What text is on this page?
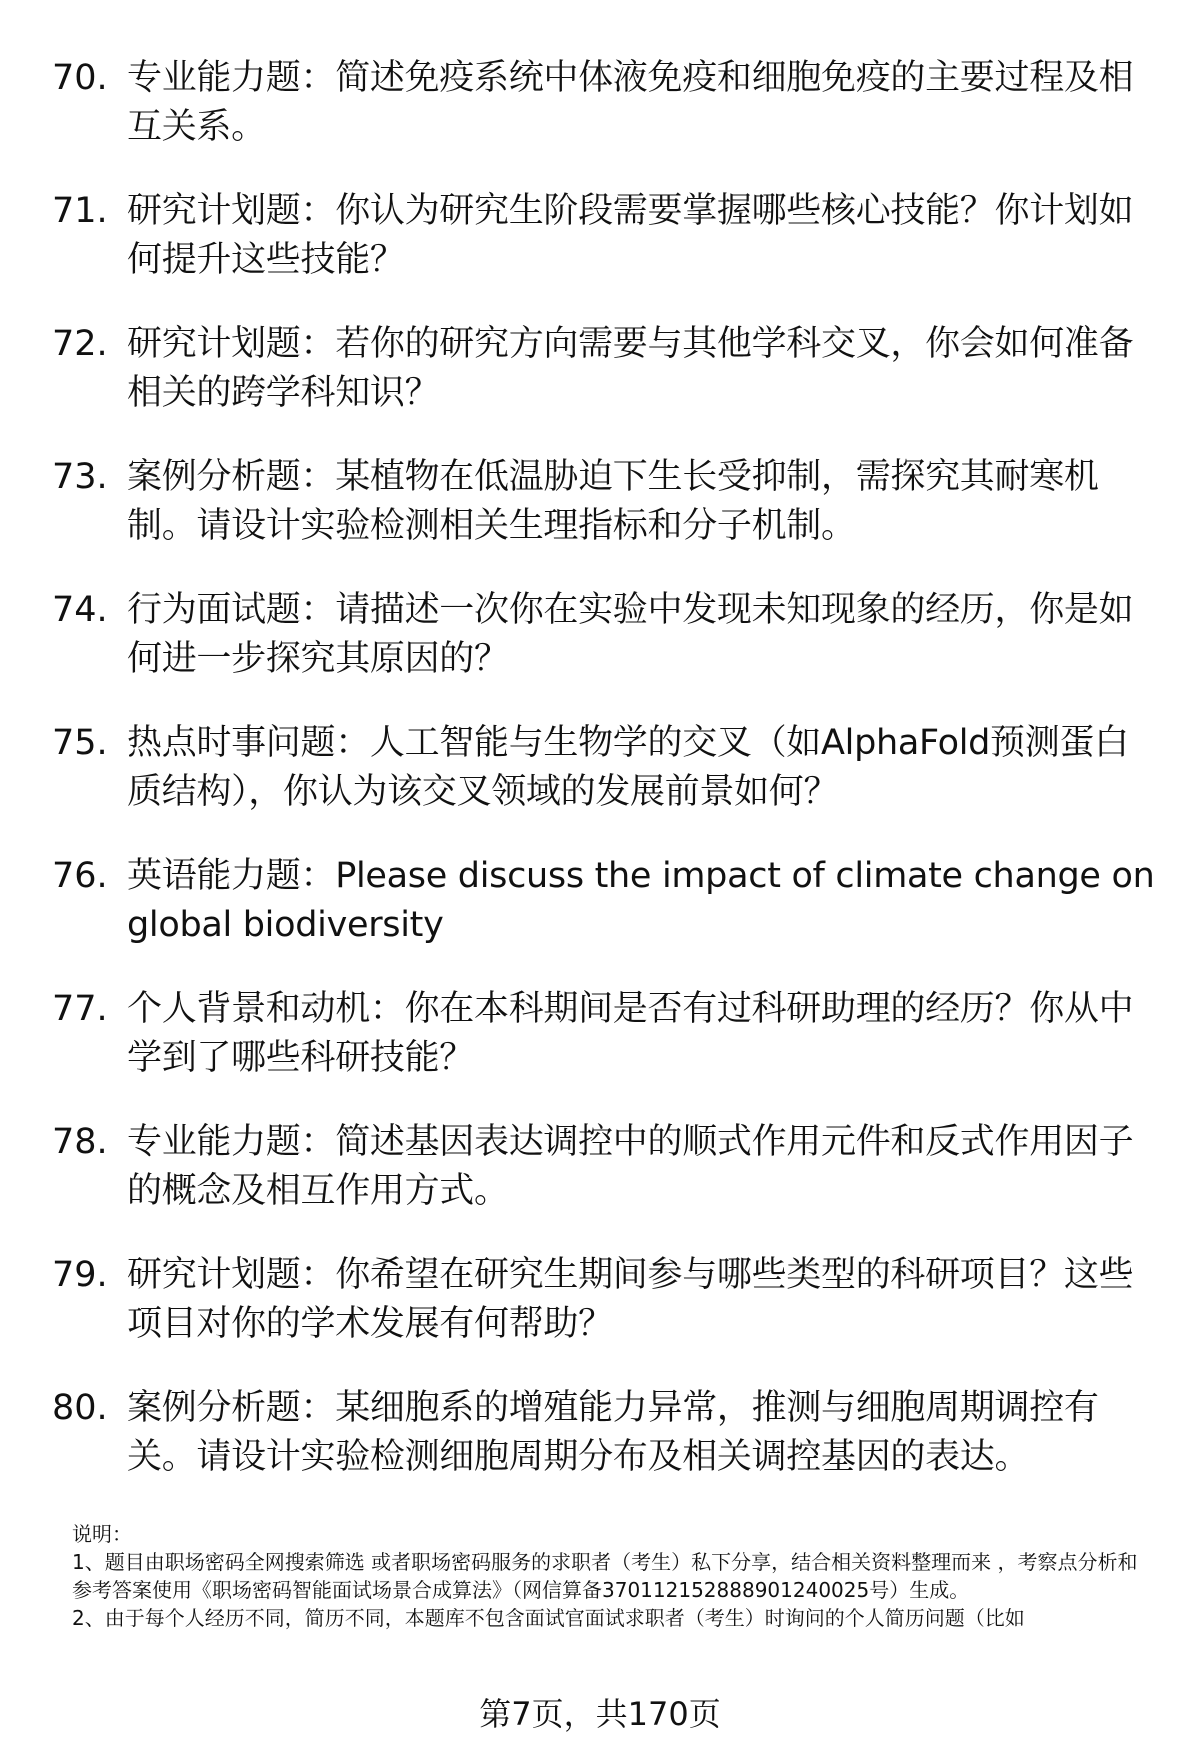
70. 专业能力题：简述免疫系统中体液免疫和细胞免疫的主要过程及相互关系。
71. 研究计划题：你认为研究生阶段需要掌握哪些核心技能？你计划如何提升这些技能？
72. 研究计划题：若你的研究方向需要与其他学科交叉，你会如何准备相关的跨学科知识？
73. 案例分析题：某植物在低温胁迫下生长受抑制，需探究其耐寒机制。请设计实验检测相关生理指标和分子机制。
74. 行为面试题：请描述一次你在实验中发现未知现象的经历，你是如何进一步探究其原因的？
75. 热点时事问题：人工智能与生物学的交叉（如AlphaFold预测蛋白质结构），你认为该交叉领域的发展前景如何？
76. 英语能力题：Please discuss the impact of climate change on global biodiversity
77. 个人背景和动机：你在本科期间是否有过科研助理的经历？你从中学到了哪些科研技能？
78. 专业能力题：简述基因表达调控中的顺式作用元件和反式作用因子的概念及相互作用方式。
79. 研究计划题：你希望在研究生期间参与哪些类型的科研项目？这些项目对你的学术发展有何帮助？
80. 案例分析题：某细胞系的增殖能力异常，推测与细胞周期调控有关。请设计实验检测细胞周期分布及相关调控基因的表达。

说明：

1、题目由职场密码全网搜索筛选 或者职场密码服务的求职者（考生）私下分享，结合相关资料整理而来 ，考察点分析和参考答案使用《职场密码智能面试场景合成算法》（网信算备370112152888901240025号）生成。

2、由于每个人经历不同，简历不同，本题库不包含面试官面试求职者（考生）时询问的个人简历问题（比如

第7页，共170页
